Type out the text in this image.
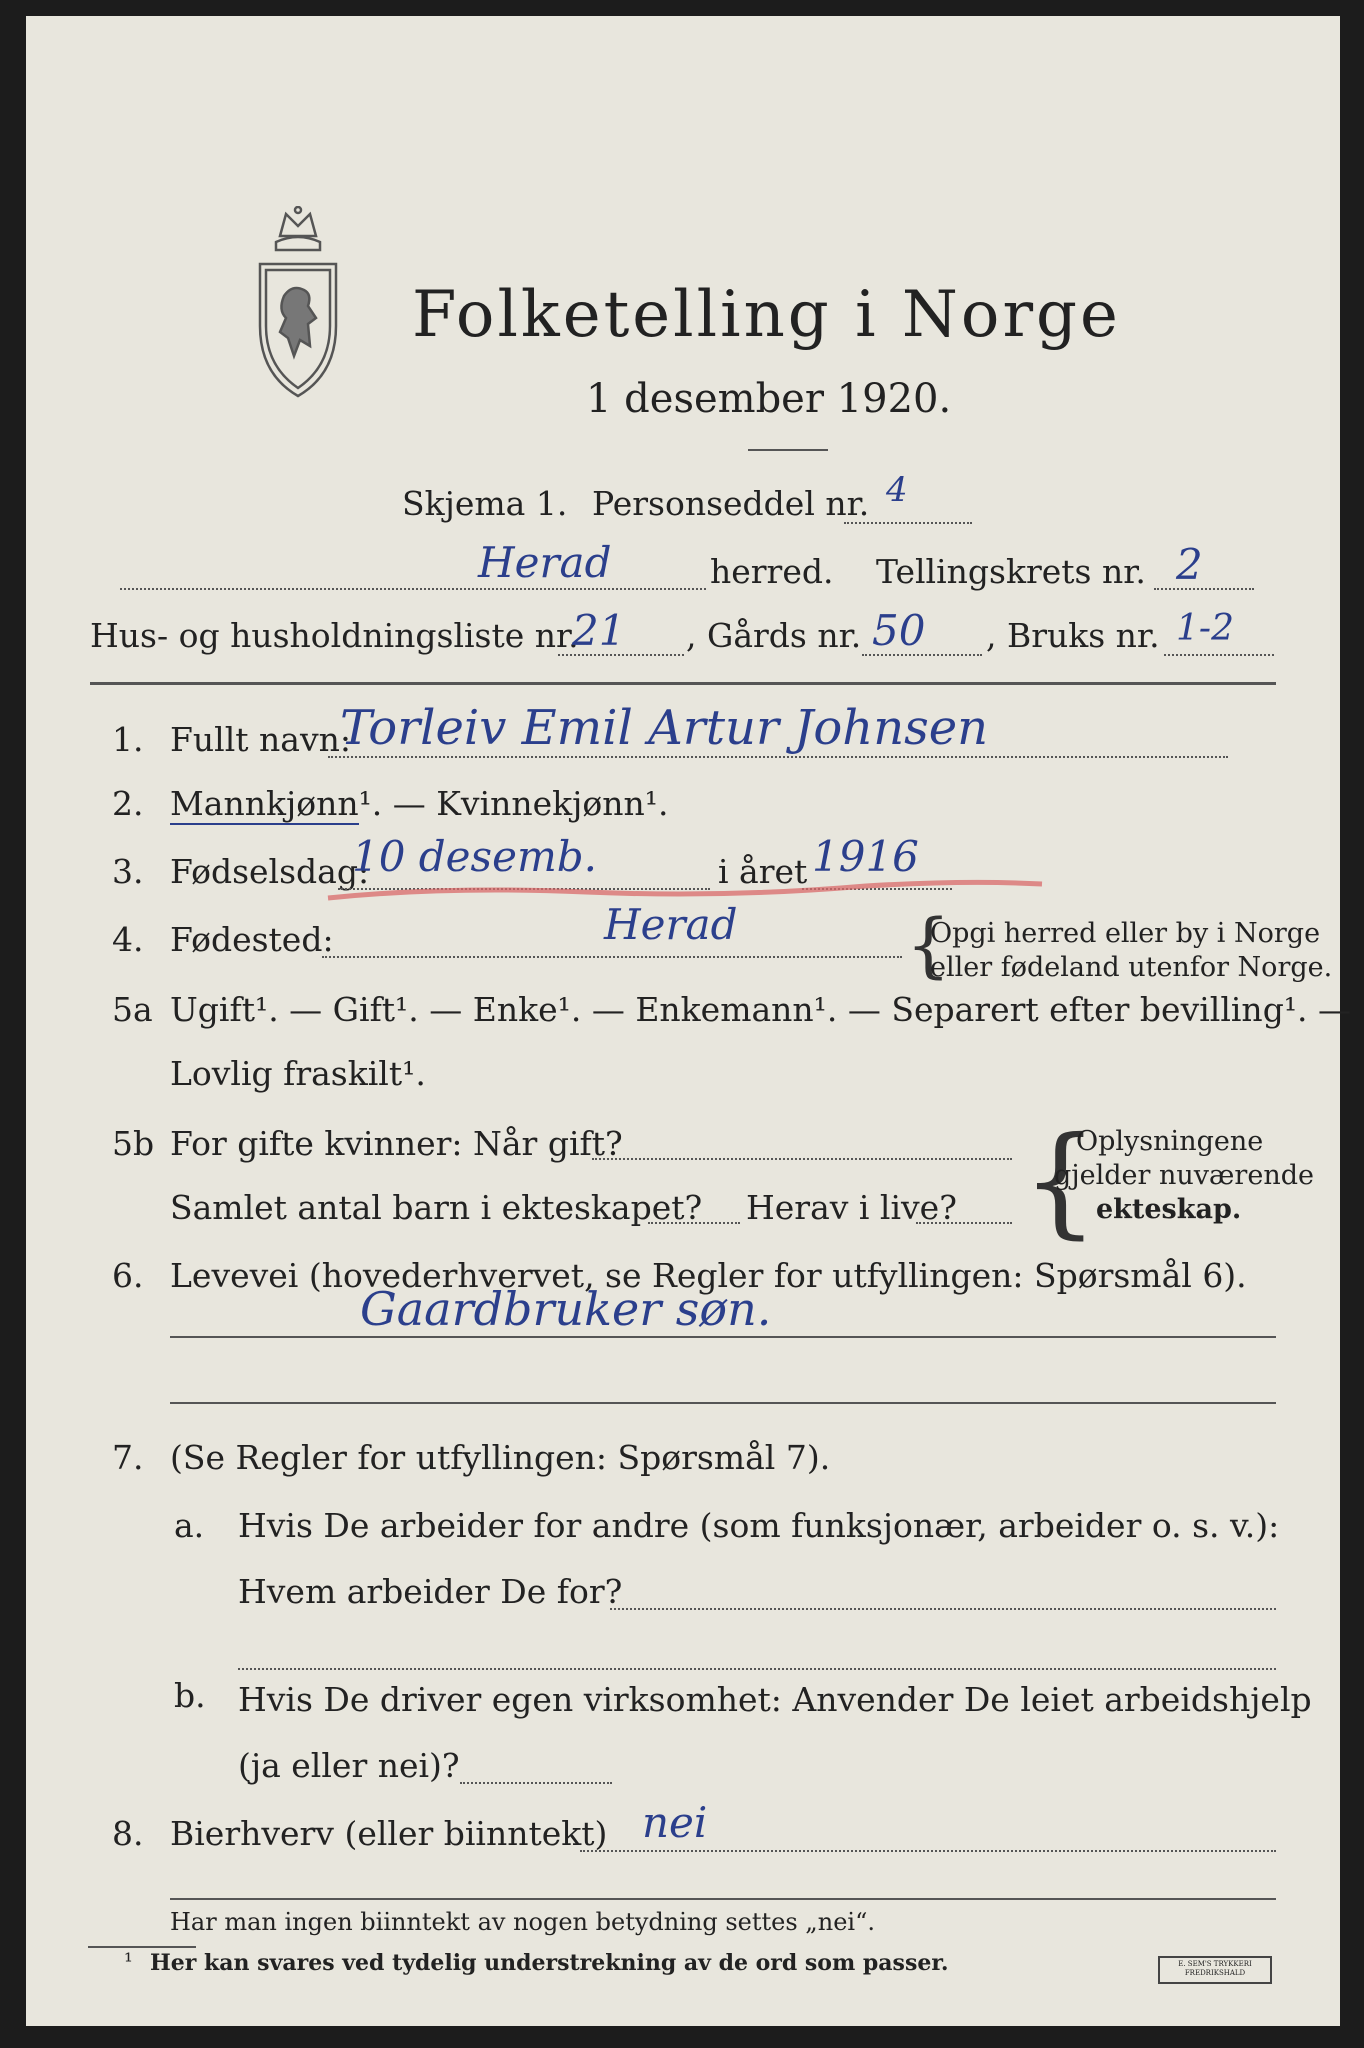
Folketelling i Norge
1 desember 1920.
Skjema 1. Personseddel nr. 4
Herad	herred. Tellingskrets nr. 2
Hus- og husholdningsliste nr.
21 , Gårds nr. 50 , Bruks nr. 1-2
1. Fullt navn:
Torleiv Emil Artur Johnsen
2. Mannkjønn¹. — Kvinnekjønn¹.
3. Fødselsdag:
10 desemb.	i året 1916
4. Fødested:	Herad {
Opgi herred eller by i Norge
eller fødeland utenfor Norge.
5a Ugift¹. — Gift¹. — Enke¹. — Enkemann¹. — Separert efter bevilling¹. —
Lovlig fraskilt¹.
5b For gifte kvinner: Når gift?
Samlet antal barn i ekteskapet? Herav i live? {
Oplysningene
gjelder nuværende
ekteskap.
6. Levevei (hovederhvervet, se Regler for utfyllingen: Spørsmål 6).
Gaardbruker søn.
7. (Se Regler for utfyllingen: Spørsmål 7).
a. Hvis De arbeider for andre (som funksjonær, arbeider o. s. v.):
Hvem arbeider De for?
b. Hvis De driver egen virksomhet: Anvender De leiet arbeidshjelp
(ja eller nei)?
8. Bierhverv (eller biinntekt) nei
Har man ingen biinntekt av nogen betydning settes „nei“.
¹ Her kan svares ved tydelig understrekning av de ord som passer.	E. SEM'S TRYKKERI FREDRIKSHALD
